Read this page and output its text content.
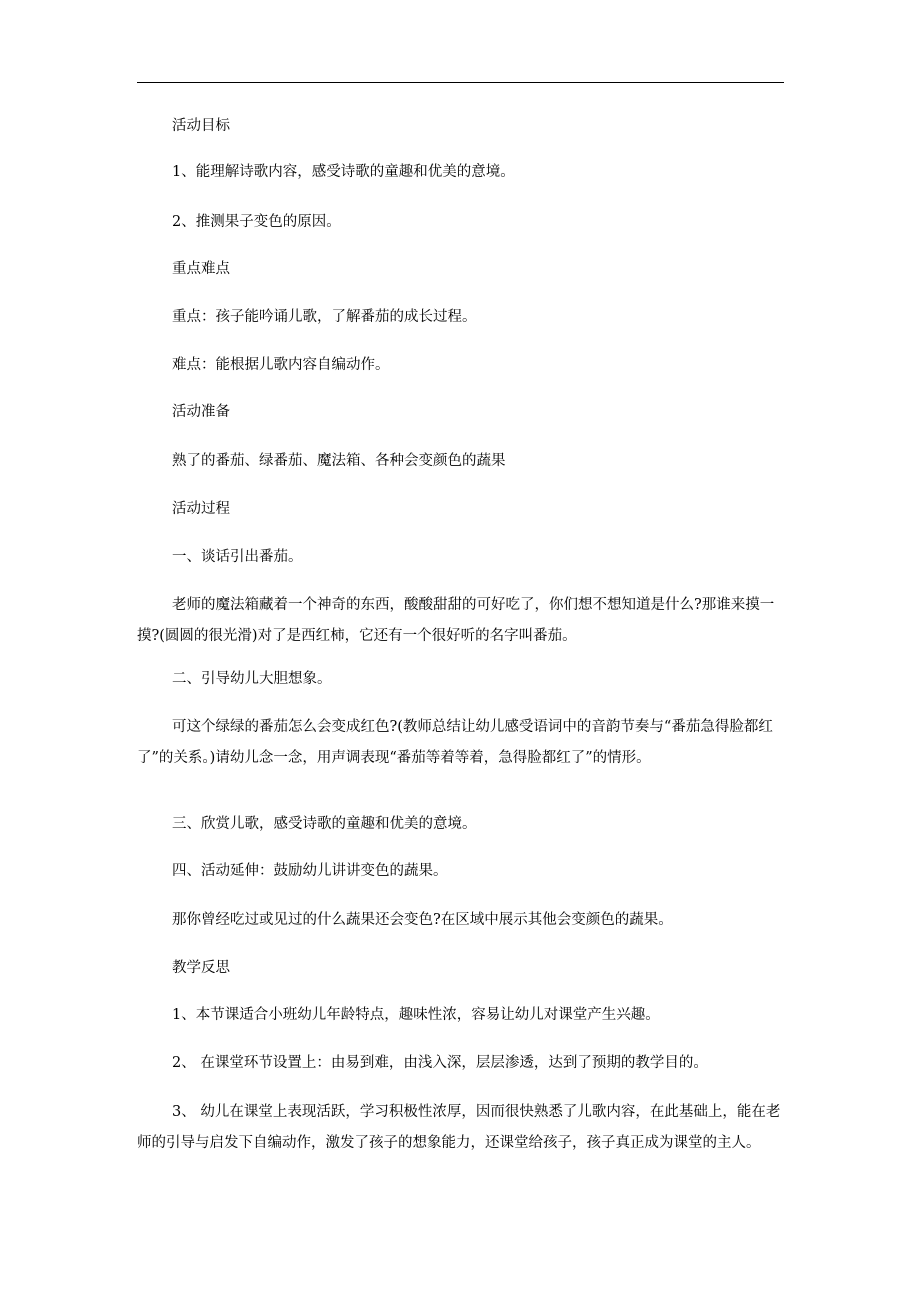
活动目标

1、能理解诗歌内容，感受诗歌的童趣和优美的意境。

2、推测果子变色的原因。

重点难点

重点：孩子能吟诵儿歌，了解番茄的成长过程。

难点：能根据儿歌内容自编动作。

活动准备

熟了的番茄、绿番茄、魔法箱、各种会变颜色的蔬果

活动过程

一、谈话引出番茄。

老师的魔法箱藏着一个神奇的东西，酸酸甜甜的可好吃了，你们想不想知道是什么?那谁来摸一摸?(圆圆的很光滑)对了是西红柿，它还有一个很好听的名字叫番茄。

二、引导幼儿大胆想象。

可这个绿绿的番茄怎么会变成红色?(教师总结让幼儿感受语词中的音韵节奏与“番茄急得脸都红了”的关系。)请幼儿念一念，用声调表现“番茄等着等着，急得脸都红了”的情形。

三、欣赏儿歌，感受诗歌的童趣和优美的意境。

四、活动延伸：鼓励幼儿讲讲变色的蔬果。

那你曾经吃过或见过的什么蔬果还会变色?在区域中展示其他会变颜色的蔬果。

教学反思

1、本节课适合小班幼儿年龄特点，趣味性浓，容易让幼儿对课堂产生兴趣。

2、 在课堂环节设置上：由易到难，由浅入深，层层渗透，达到了预期的教学目的。

3、 幼儿在课堂上表现活跃，学习积极性浓厚，因而很快熟悉了儿歌内容，在此基础上，能在老师的引导与启发下自编动作，激发了孩子的想象能力，还课堂给孩子，孩子真正成为课堂的主人。
